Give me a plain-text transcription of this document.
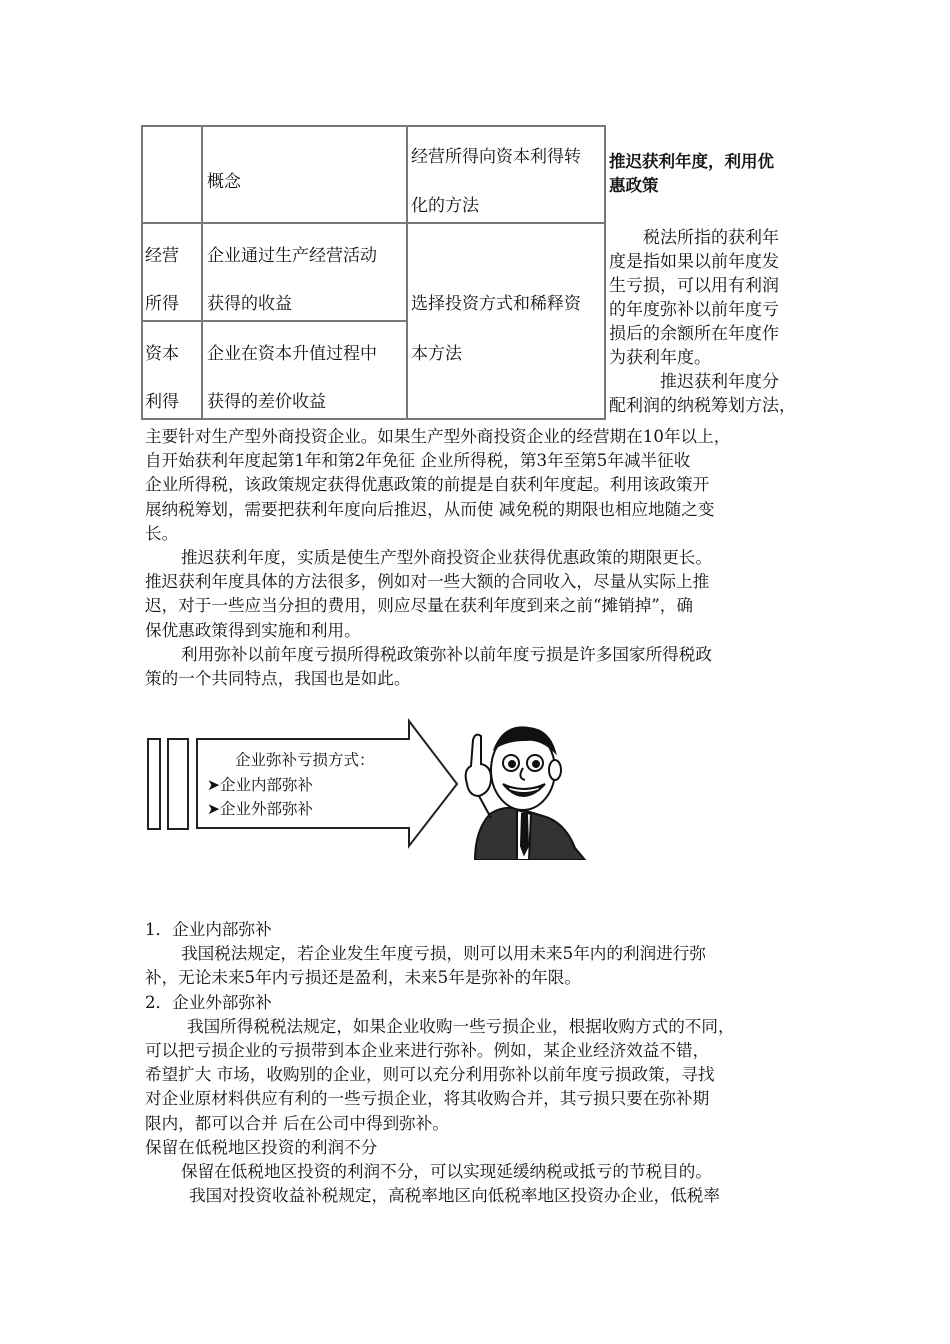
概念
经营所得向资本利得转
化的方法
经营
所得
企业通过生产经营活动
获得的收益
资本
利得
企业在资本升值过程中
获得的差价收益
选择投资方式和稀释资
本方法
推迟获利年度，利用优
惠政策

　　税法所指的获利年

度是指如果以前年度发

生亏损，可以用有利润

的年度弥补以前年度亏

损后的余额所在年度作

为获利年度。

　　　推迟获利年度分

配利润的纳税筹划方法，

主要针对生产型外商投资企业。如果生产型外商投资企业的经营期在10年以上，
自开始获利年度起第1年和第2年免征 企业所得税，第3年至第5年减半征收
企业所得税，该政策规定获得优惠政策的前提是自获利年度起。利用该政策开
展纳税筹划，需要把获利年度向后推迟，从而使 减免税的期限也相应地随之变
长。
推迟获利年度，实质是使生产型外商投资企业获得优惠政策的期限更长。
推迟获利年度具体的方法很多，例如对一些大额的合同收入，尽量从实际上推
迟，对于一些应当分担的费用，则应尽量在获利年度到来之前“摊销掉”，确
保优惠政策得到实施和利用。
利用弥补以前年度亏损所得税政策弥补以前年度亏损是许多国家所得税政
策的一个共同特点，我国也是如此。
企业弥补亏损方式：
➤企业内部弥补
➤企业外部弥补
1．企业内部弥补
我国税法规定，若企业发生年度亏损，则可以用未来5年内的利润进行弥
补，无论未来5年内亏损还是盈利，未来5年是弥补的年限。
2．企业外部弥补
我国所得税税法规定，如果企业收购一些亏损企业，根据收购方式的不同，
可以把亏损企业的亏损带到本企业来进行弥补。例如，某企业经济效益不错，
希望扩大 市场，收购别的企业，则可以充分利用弥补以前年度亏损政策，寻找
对企业原材料供应有利的一些亏损企业，将其收购合并，其亏损只要在弥补期
限内，都可以合并 后在公司中得到弥补。
保留在低税地区投资的利润不分
保留在低税地区投资的利润不分，可以实现延缓纳税或抵亏的节税目的。
我国对投资收益补税规定，高税率地区向低税率地区投资办企业，低税率
